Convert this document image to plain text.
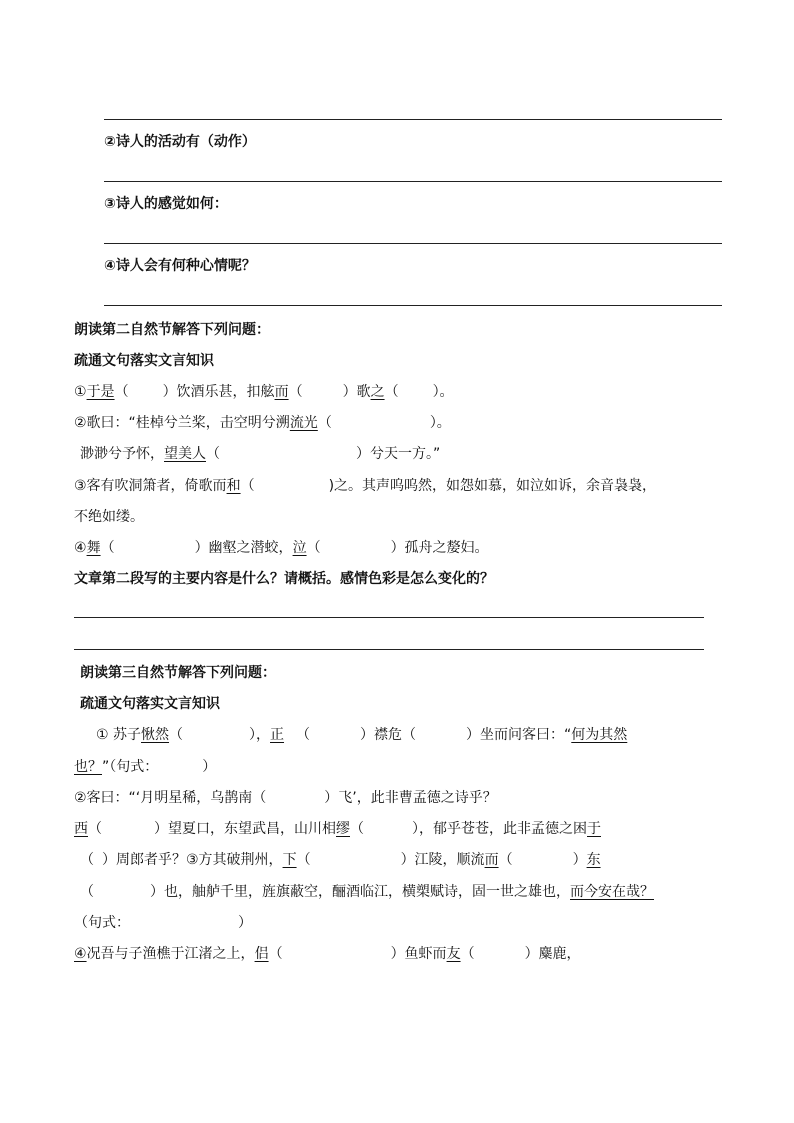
②诗人的活动有（动作）
③诗人的感觉如何：
④诗人会有何种心情呢？
朗读第二自然节解答下列问题：
疏通文句落实文言知识
①于是（ ）饮酒乐甚，扣舷而（	）歌之（ ）。
②歌曰：“桂棹兮兰桨，击空明兮溯流光（	）。
渺渺兮予怀，望美人（	）兮天一方。”
③客有吹洞箫者，倚歌而和（	)之。其声呜呜然，如怨如慕，如泣如诉，余音袅袅，
不绝如缕。
④舞（	）幽壑之潜蛟，泣（	）孤舟之嫠妇。
文章第二段写的主要内容是什么？请概括。感情色彩是怎么变化的？
朗读第三自然节解答下列问题：
疏通文句落实文言知识
① 苏子愀然（	），正 （	）襟危（	）坐而问客曰：“何为其然
也？”（句式：	）
②客曰：“‘月明星稀，乌鹊南（	）飞’，此非曹孟德之诗乎？
西（	）望夏口，东望武昌，山川相缪（	），郁乎苍苍，此非孟德之困于
（ ）周郎者乎？③方其破荆州，下（	）江陵，顺流而（	）东
（	）也，舳舻千里，旌旗蔽空，酾酒临江，横槊赋诗，固一世之雄也，而今安在哉？
（句式：	）
④况吾与子渔樵于江渚之上，侣（	）鱼虾而友（	）麋鹿，
